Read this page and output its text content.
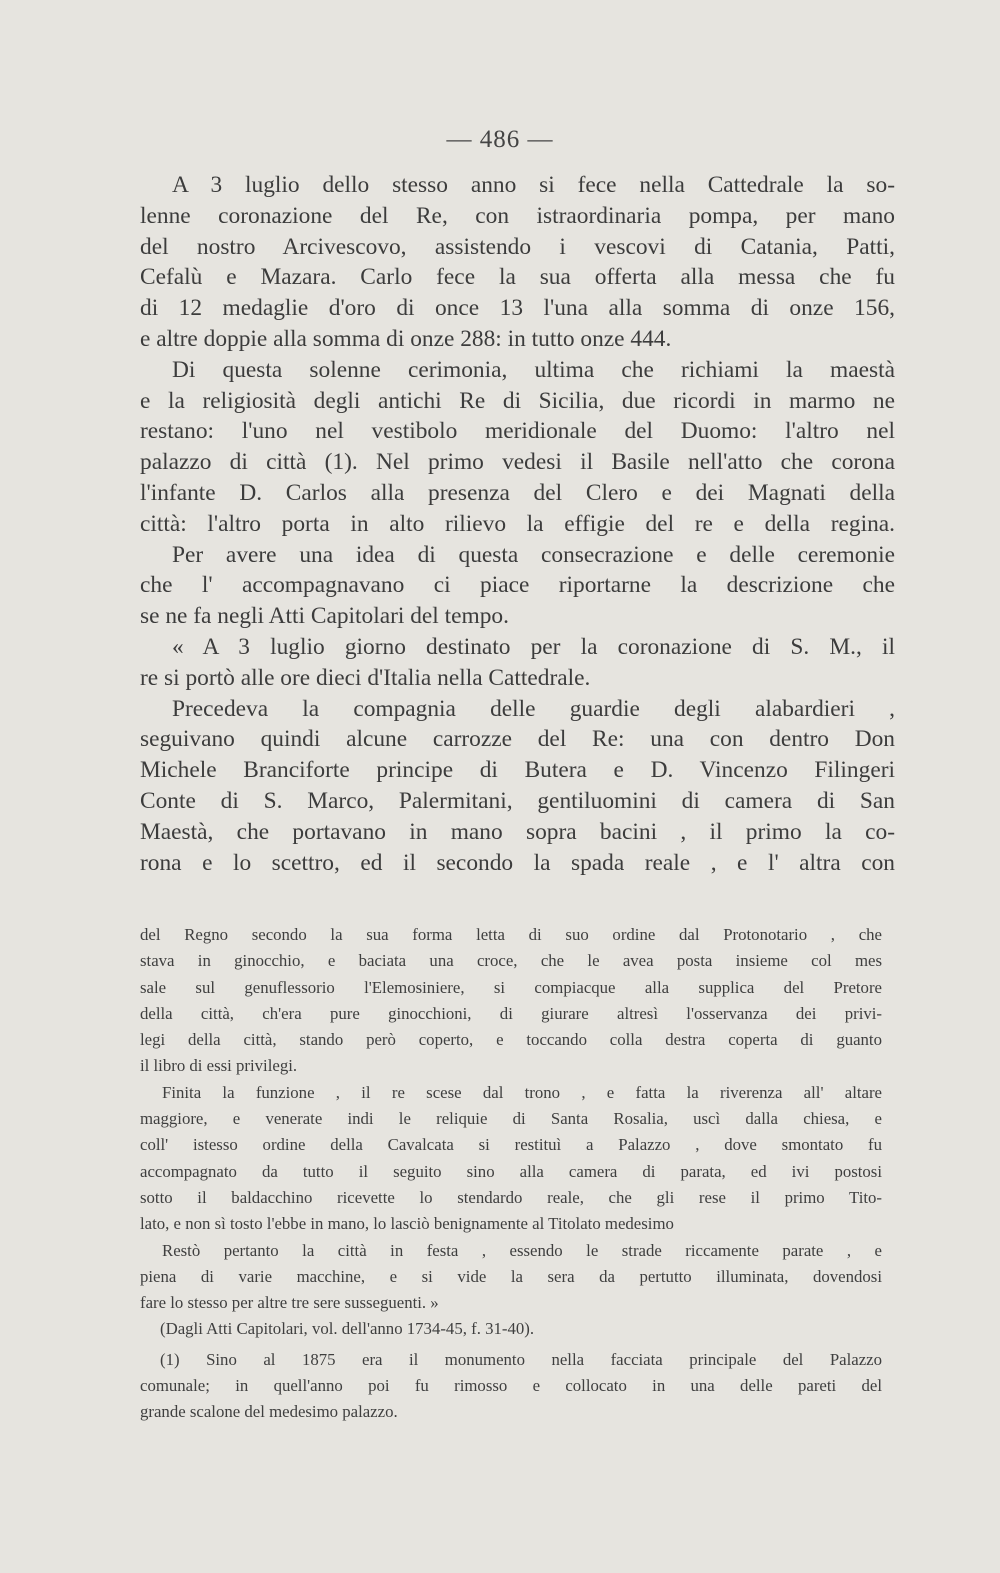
— 486 —
A 3 luglio dello stesso anno si fece nella Cattedrale la so-
lenne coronazione del Re, con istraordinaria pompa, per mano
del nostro Arcivescovo, assistendo i vescovi di Catania, Patti,
Cefalù e Mazara. Carlo fece la sua offerta alla messa che fu
di 12 medaglie d'oro di once 13 l'una alla somma di onze 156,
e altre doppie alla somma di onze 288: in tutto onze 444.
Di questa solenne cerimonia, ultima che richiami la maestà
e la religiosità degli antichi Re di Sicilia, due ricordi in marmo ne
restano: l'uno nel vestibolo meridionale del Duomo: l'altro nel
palazzo di città (1). Nel primo vedesi il Basile nell'atto che corona
l'infante D. Carlos alla presenza del Clero e dei Magnati della
città: l'altro porta in alto rilievo la effigie del re e della regina.
Per avere una idea di questa consecrazione e delle ceremonie
che l' accompagnavano ci piace riportarne la descrizione che
se ne fa negli Atti Capitolari del tempo.
« A 3 luglio giorno destinato per la coronazione di S. M., il
re si portò alle ore dieci d'Italia nella Cattedrale.
Precedeva la compagnia delle guardie degli alabardieri ,
seguivano quindi alcune carrozze del Re: una con dentro Don
Michele Branciforte principe di Butera e D. Vincenzo Filingeri
Conte di S. Marco, Palermitani, gentiluomini di camera di San
Maestà, che portavano in mano sopra bacini , il primo la co-
rona e lo scettro, ed il secondo la spada reale , e l' altra con
del Regno secondo la sua forma letta di suo ordine dal Protonotario , che
stava in ginocchio, e baciata una croce, che le avea posta insieme col mes
sale sul genuflessorio l'Elemosiniere, si compiacque alla supplica del Pretore
della città, ch'era pure ginocchioni, di giurare altresì l'osservanza dei privi-
legi della città, stando però coperto, e toccando colla destra coperta di guanto
il libro di essi privilegi.
Finita la funzione , il re scese dal trono , e fatta la riverenza all' altare
maggiore, e venerate indi le reliquie di Santa Rosalia, uscì dalla chiesa, e
coll' istesso ordine della Cavalcata si restituì a Palazzo , dove smontato fu
accompagnato da tutto il seguito sino alla camera di parata, ed ivi postosi
sotto il baldacchino ricevette lo stendardo reale, che gli rese il primo Tito-
lato, e non sì tosto l'ebbe in mano, lo lasciò benignamente al Titolato medesimo
Restò pertanto la città in festa , essendo le strade riccamente parate , e
piena di varie macchine, e si vide la sera da pertutto illuminata, dovendosi
fare lo stesso per altre tre sere susseguenti. »
(Dagli Atti Capitolari, vol. dell'anno 1734-45, f. 31-40).
(1) Sino al 1875 era il monumento nella facciata principale del Palazzo
comunale; in quell'anno poi fu rimosso e collocato in una delle pareti del
grande scalone del medesimo palazzo.
